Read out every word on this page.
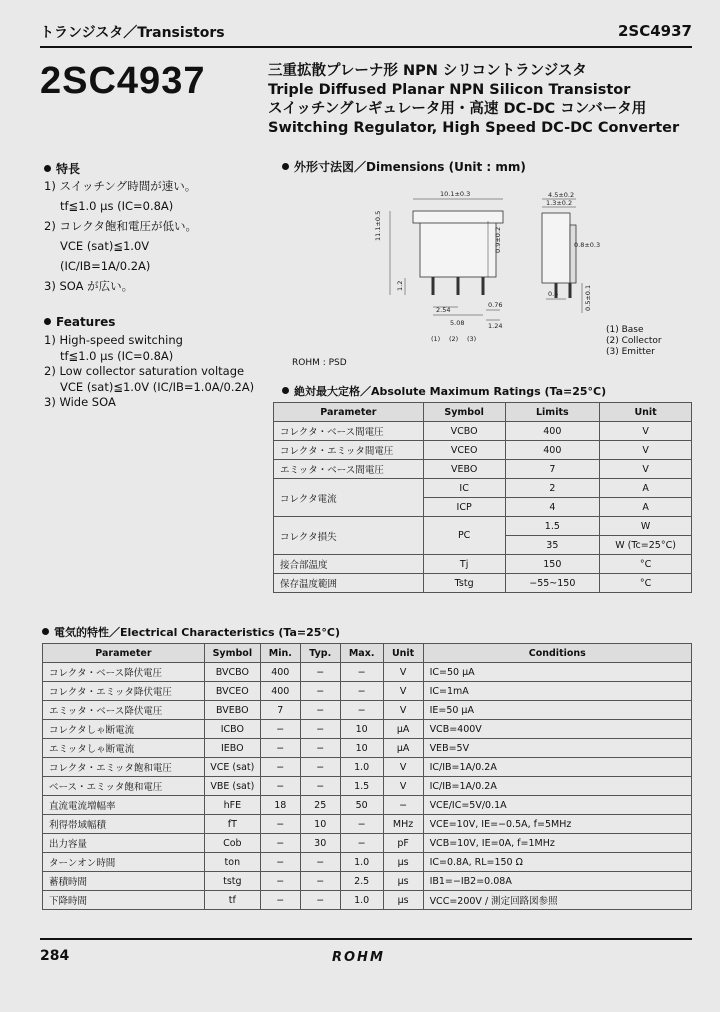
トランジスタ／Transistors	2SC4937
2SC4937	三重拡散プレーナ形 NPN シリコントランジスタ
Triple Diffused Planar NPN Silicon Transistor
スイッチングレギュレータ用・高速 DC-DC コンバータ用
Switching Regulator, High Speed DC-DC Converter
特長
1) スイッチング時間が速い。
tf≦1.0 μs (IC=0.8A)
2) コレクタ飽和電圧が低い。
VCE (sat)≦1.0V
(IC/IB=1A/0.2A)
3) SOA が広い。
Features
1) High-speed switching
tf≦1.0 μs (IC=0.8A)
2) Low collector saturation voltage
VCE (sat)≦1.0V (IC/IB=1.0A/0.2A)
3) Wide SOA
外形寸法図／Dimensions (Unit : mm)
10.1±0.3
11.1±0.5
4.5±0.2
1.3±0.2
0.8±0.3
0.9±0.2
2.54
0.76
1.24
5.08
0.4	0.5±0.1
1.2
(1) (2) (3)
(1) Base
(2) Collector
(3) Emitter
ROHM : PSD
絶対最大定格／Absolute Maximum Ratings (Ta=25°C)
Parameter	Symbol	Limits	Unit
コレクタ・ベース間電圧	VCBO	400	V
コレクタ・エミッタ間電圧	VCEO	400	V
エミッタ・ベース間電圧	VEBO	7	V
コレクタ電流	IC	2	A
	ICP	4	A
コレクタ損失	PC	1.5	W
		35	W (Tc=25°C)
接合部温度	Tj	150	°C
保存温度範囲	Tstg	−55~150	°C
電気的特性／Electrical Characteristics (Ta=25°C)
Parameter	Symbol	Min.	Typ.	Max.	Unit	Conditions
コレクタ・ベース降伏電圧	BVCBO	400	−	−	V	IC=50 μA
コレクタ・エミッタ降伏電圧	BVCEO	400	−	−	V	IC=1mA
エミッタ・ベース降伏電圧	BVEBO	7	−	−	V	IE=50 μA
コレクタしゃ断電流	ICBO	−	−	10	μA	VCB=400V
エミッタしゃ断電流	IEBO	−	−	10	μA	VEB=5V
コレクタ・エミッタ飽和電圧	VCE (sat)	−	−	1.0	V	IC/IB=1A/0.2A
ベース・エミッタ飽和電圧	VBE (sat)	−	−	1.5	V	IC/IB=1A/0.2A
直流電流増幅率	hFE	18	25	50	−	VCE/IC=5V/0.1A
利得帯域幅積	fT	−	10	−	MHz	VCE=10V, IE=−0.5A, f=5MHz
出力容量	Cob	−	30	−	pF	VCB=10V, IE=0A, f=1MHz
ターンオン時間	ton	−	−	1.0	μs	IC=0.8A, RL=150 Ω
蓄積時間	tstg	−	−	2.5	μs	IB1=−IB2=0.08A
下降時間	tf	−	−	1.0	μs	VCC=200V / 測定回路図参照
284	ROHM
